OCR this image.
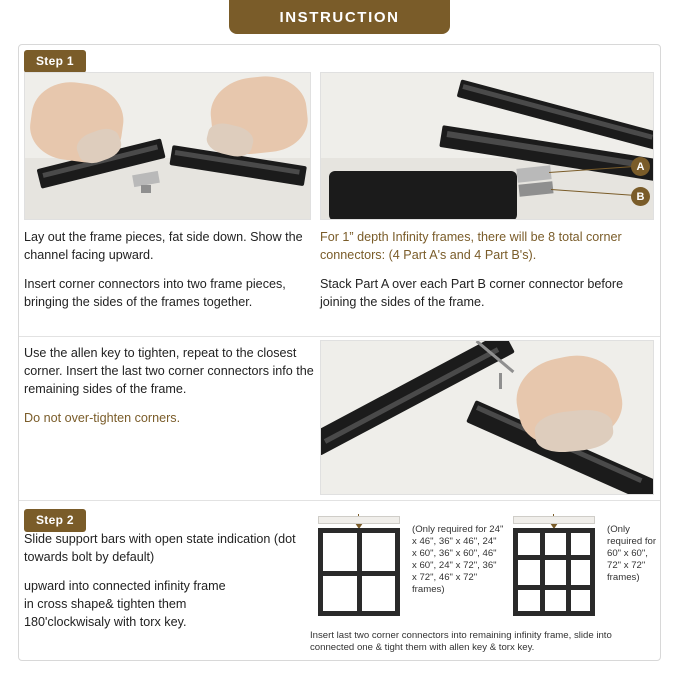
INSTRUCTION
Step 1
A
B

Lay out the frame pieces, fat side down. Show the channel facing upward.

Insert corner connectors into two frame pieces, bringing the sides of the frames together.

For 1” depth Infinity frames, there will be 8 total corner connectors: (4 Part A's and 4 Part B's).

Stack Part A over each Part B corner connector before joining the sides of the frame.

Use the allen key to tighten, repeat to the closest corner. Insert the last two corner connectors info the remaining sides of the frame.

Do not over-tighten corners.

Step 2

Slide support bars with open state indication (dot towards bolt by default)

upward into connected infinity frame

in cross shape& tighten them

180'clockwisaly with torx key.

(Only required for 24" x 46", 36" x 46", 24" x 60", 36" x 60", 46" x 60", 24" x 72", 36" x 72", 46" x 72" frames)
(Only required for 60" x 60", 72" x 72" frames)
Insert last two corner connectors into remaining infinity frame, slide into connected one & tight them with allen key & torx key.
